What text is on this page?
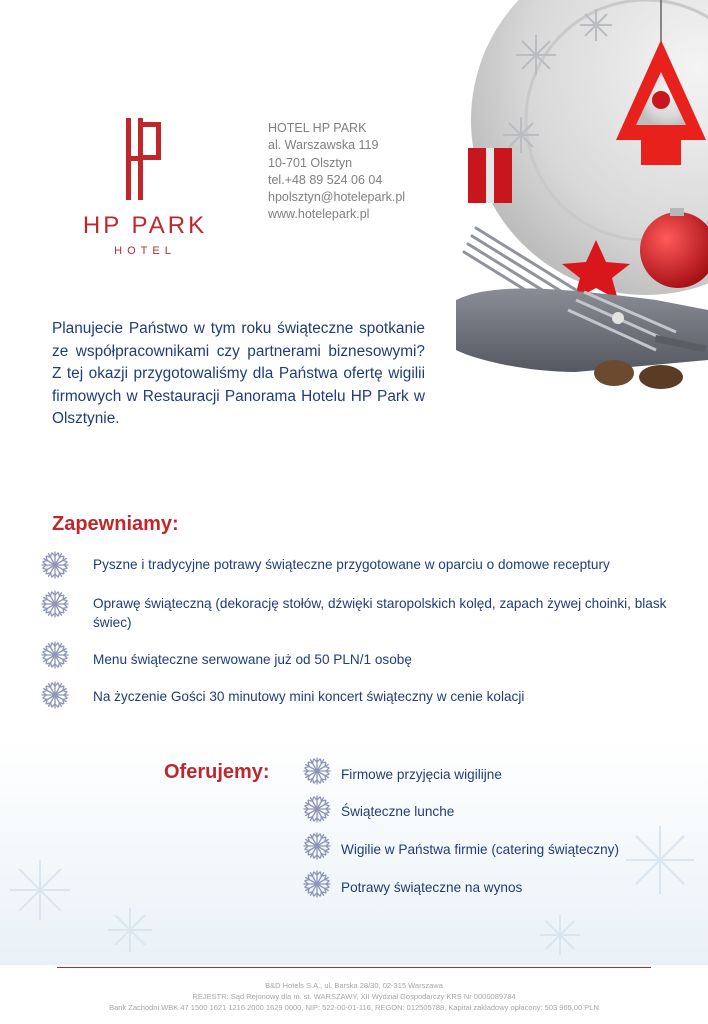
HP PARK
HOTEL
HOTEL HP PARK
al. Warszawska 119
10-701 Olsztyn
tel.+48 89 524 06 04
hpolsztyn@hotelepark.pl
www.hotelepark.pl
Planujecie Państwo w tym roku świąteczne spotkanie ze współpracownikami czy partnerami biznesowymi? Z tej okazji przygotowaliśmy dla Państwa ofertę wigilii firmowych w Restauracji Panorama Hotelu HP Park w Olsztynie.
Zapewniamy:
Pyszne i tradycyjne potrawy świąteczne przygotowane w oparciu o domowe receptury
Oprawę świąteczną (dekorację stołów, dźwięki staropolskich kolęd, zapach żywej choinki, blask świec)
Menu świąteczne serwowane już od 50 PLN/1 osobę
Na życzenie Gości 30 minutowy mini koncert świąteczny w cenie kolacji
Oferujemy:	Firmowe przyjęcia wigilijne
Świąteczne lunche
Wigilie w Państwa firmie (catering świąteczny)
Potrawy świąteczne na wynos
B&D Hotels S.A., ul. Barska 28/30, 02-315 Warszawa
REJESTR: Sąd Rejonowy dla m. st. WARSZAWY, XII Wydział Gospodarczy KRS Nr 0000089784
Bank Zachodni WBK 47 1500 1621 1216 2000 1629 0000, NIP: 522-00-01-116, REGON: 012505788, Kapitał zakładowy opłacony: 503 965,00 PLN
